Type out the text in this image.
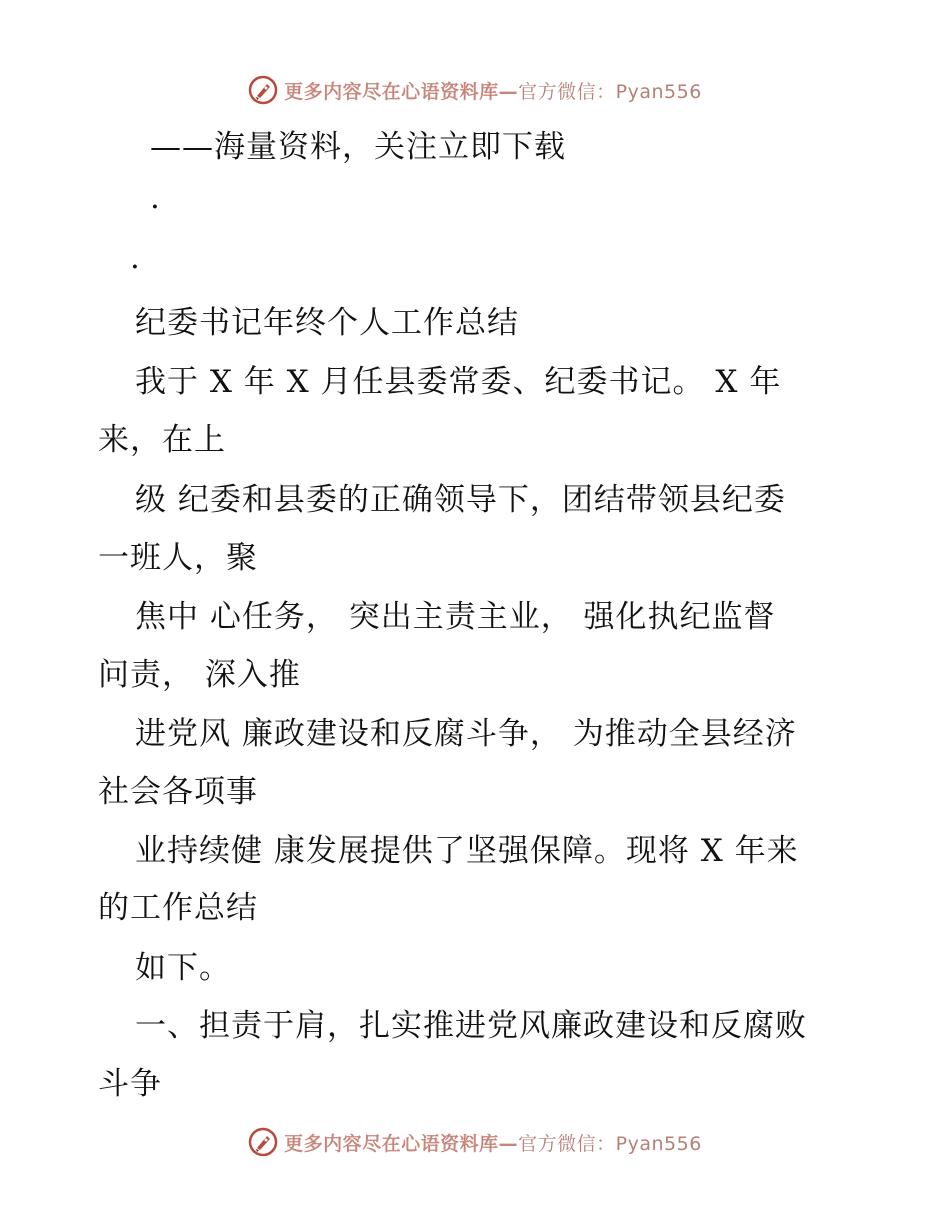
更多内容尽在心语资料库—官方微信：Pyan556
——海量资料，关注立即下载
·
·
纪委书记年终个人工作总结
我于 X 年 X 月任县委常委、纪委书记。 X 年
来，在上
级 纪委和县委的正确领导下，团结带领县纪委
一班人，聚
焦中 心任务， 突出主责主业， 强化执纪监督
问责， 深入推
进党风 廉政建设和反腐斗争， 为推动全县经济
社会各项事
业持续健 康发展提供了坚强保障。现将 X 年来
的工作总结
如下。
一、担责于肩，扎实推进党风廉政建设和反腐败
斗争
更多内容尽在心语资料库—官方微信：Pyan556
